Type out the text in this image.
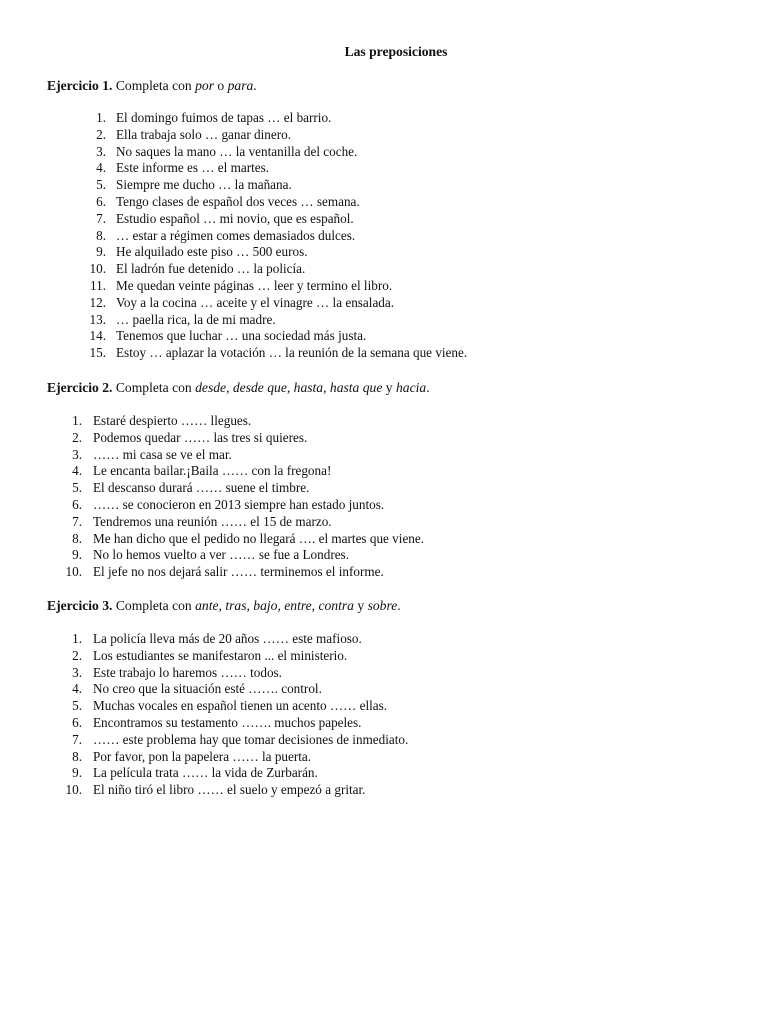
Las preposiciones
Ejercicio 1. Completa con por o para.
1. El domingo fuimos de tapas … el barrio.
2. Ella trabaja solo … ganar dinero.
3. No saques la mano … la ventanilla del coche.
4. Este informe es … el martes.
5. Siempre me ducho … la mañana.
6. Tengo clases de español dos veces … semana.
7. Estudio español … mi novio, que es español.
8. … estar a régimen comes demasiados dulces.
9. He alquilado este piso … 500 euros.
10. El ladrón fue detenido … la policía.
11. Me quedan veinte páginas … leer y termino el libro.
12. Voy a la cocina … aceite y el vinagre … la ensalada.
13. … paella rica, la de mi madre.
14. Tenemos que luchar … una sociedad más justa.
15. Estoy … aplazar la votación … la reunión de la semana que viene.
Ejercicio 2. Completa con desde, desde que, hasta, hasta que y hacia.
1. Estaré despierto …… llegues.
2. Podemos quedar …… las tres si quieres.
3. …… mi casa se ve el mar.
4. Le encanta bailar.¡Baila …… con la fregona!
5. El descanso durará …… suene el timbre.
6. …… se conocieron en 2013 siempre han estado juntos.
7. Tendremos una reunión …… el 15 de marzo.
8. Me han dicho que el pedido no llegará …. el martes que viene.
9. No lo hemos vuelto a ver …… se fue a Londres.
10. El jefe no nos dejará salir …… terminemos el informe.
Ejercicio 3. Completa con ante, tras, bajo, entre, contra y sobre.
1. La policía lleva más de 20 años …… este mafioso.
2. Los estudiantes se manifestaron ... el ministerio.
3. Este trabajo lo haremos …… todos.
4. No creo que la situación esté ……. control.
5. Muchas vocales en español tienen un acento …… ellas.
6. Encontramos su testamento ……. muchos papeles.
7. …… este problema hay que tomar decisiones de inmediato.
8. Por favor, pon la papelera …… la puerta.
9. La película trata …… la vida de Zurbarán.
10. El niño tiró el libro …… el suelo y empezó a gritar.
